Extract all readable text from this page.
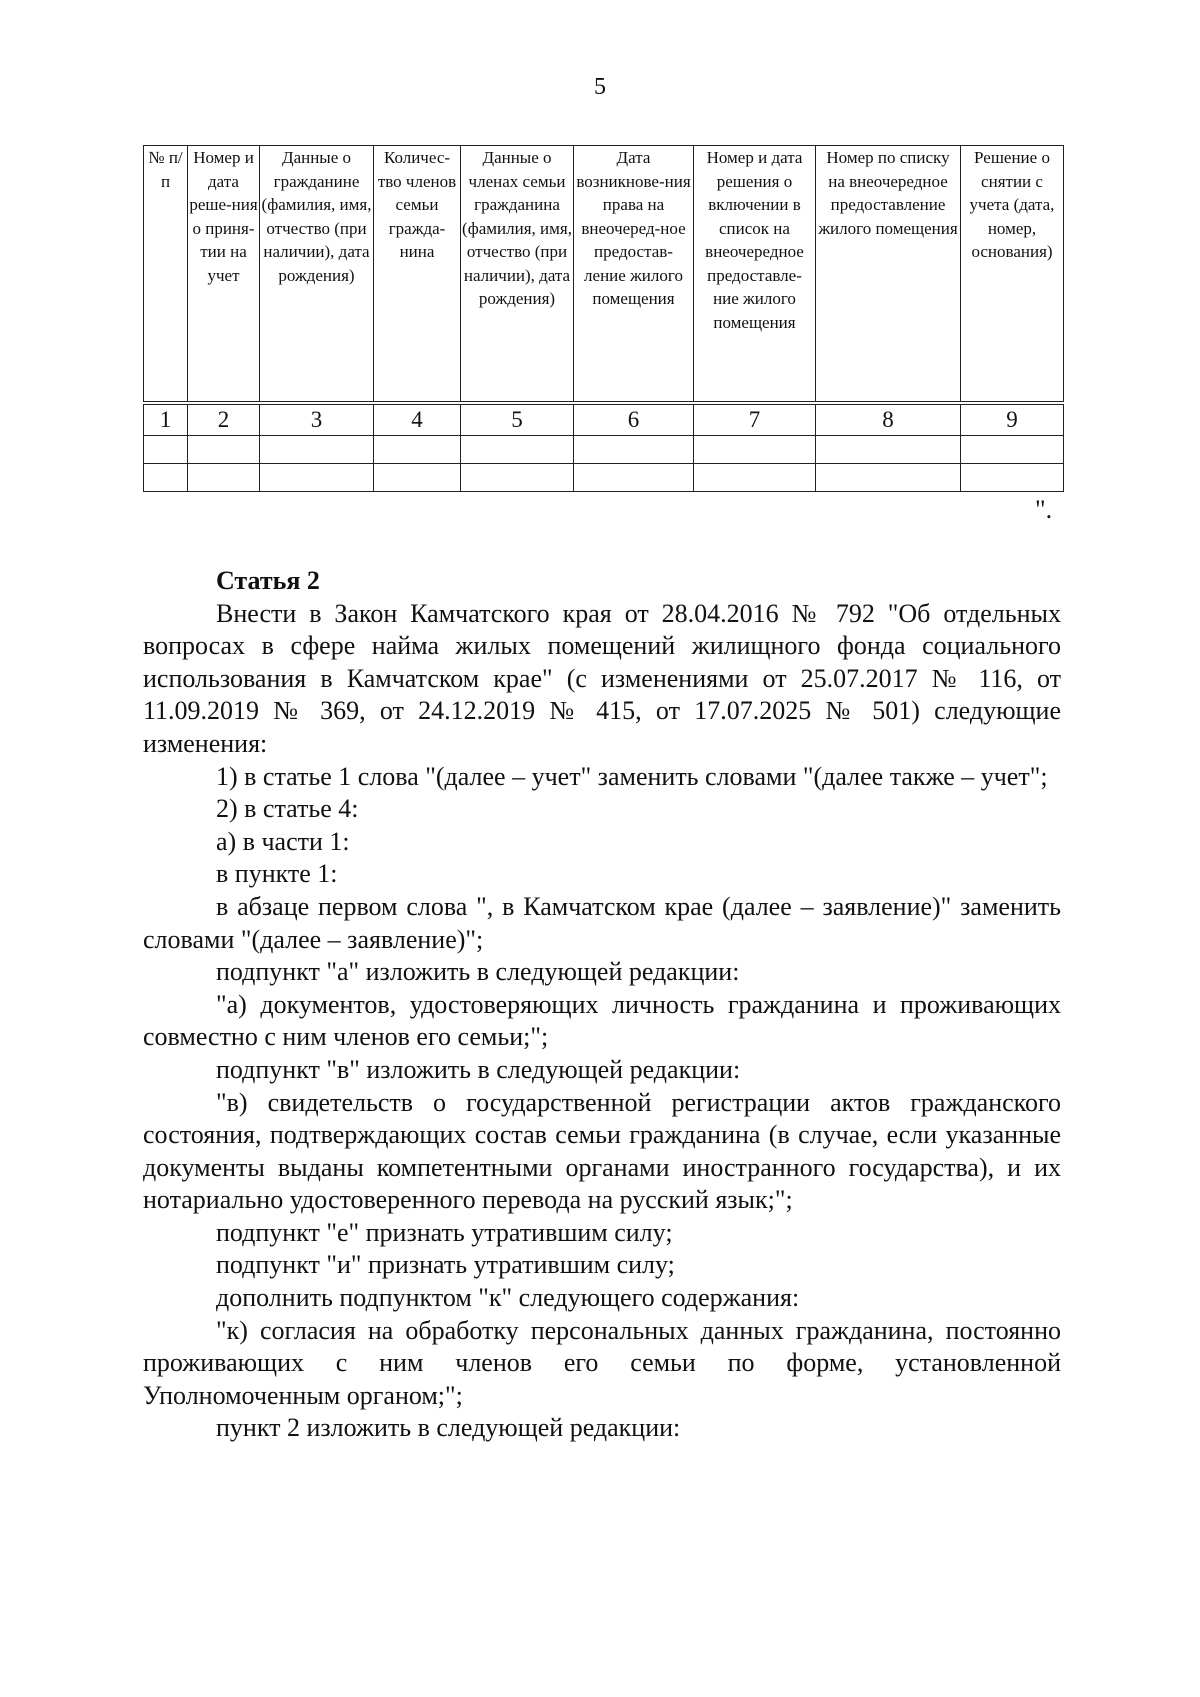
5
№ п/п	Номер и дата реше-ния о приня-тии на учет	Данные о гражданине (фамилия, имя, отчество (при наличии), дата рождения)	Количес-тво членов семьи гражда-нина	Данные о членах семьи гражданина (фамилия, имя, отчество (при наличии), дата рождения)	Дата возникнове-ния права на внеочеред-ное предостав-ление жилого помещения	Номер и дата решения о включении в список на внеочередное предоставле-ние жилого помещения	Номер по списку на внеочередное предоставление жилого помещения	Решение о снятии с учета (дата, номер, основания)
1	2	3	4	5	6	7	8	9

".
Статья 2

Внести в Закон Камчатского края от 28.04.2016 № 792 "Об отдельных вопросах в сфере найма жилых помещений жилищного фонда социального использования в Камчатском крае" (с изменениями от 25.07.2017 № 116, от 11.09.2019 № 369, от 24.12.2019 № 415, от 17.07.2025 № 501) следующие изменения:

1) в статье 1 слова "(далее – учет" заменить словами "(далее также – учет";

2) в статье 4:

а) в части 1:

в пункте 1:

в абзаце первом слова ", в Камчатском крае (далее – заявление)" заменить словами "(далее – заявление)";

подпункт "а" изложить в следующей редакции:

"а) документов, удостоверяющих личность гражданина и проживающих совместно с ним членов его семьи;";

подпункт "в" изложить в следующей редакции:

"в) свидетельств о государственной регистрации актов гражданского состояния, подтверждающих состав семьи гражданина (в случае, если указанные документы выданы компетентными органами иностранного государства), и их нотариально удостоверенного перевода на русский язык;";

подпункт "е" признать утратившим силу;

подпункт "и" признать утратившим силу;

дополнить подпунктом "к" следующего содержания:

"к) согласия на обработку персональных данных гражданина, постоянно проживающих с ним членов его семьи по форме, установленной Уполномоченным органом;";

пункт 2 изложить в следующей редакции:
